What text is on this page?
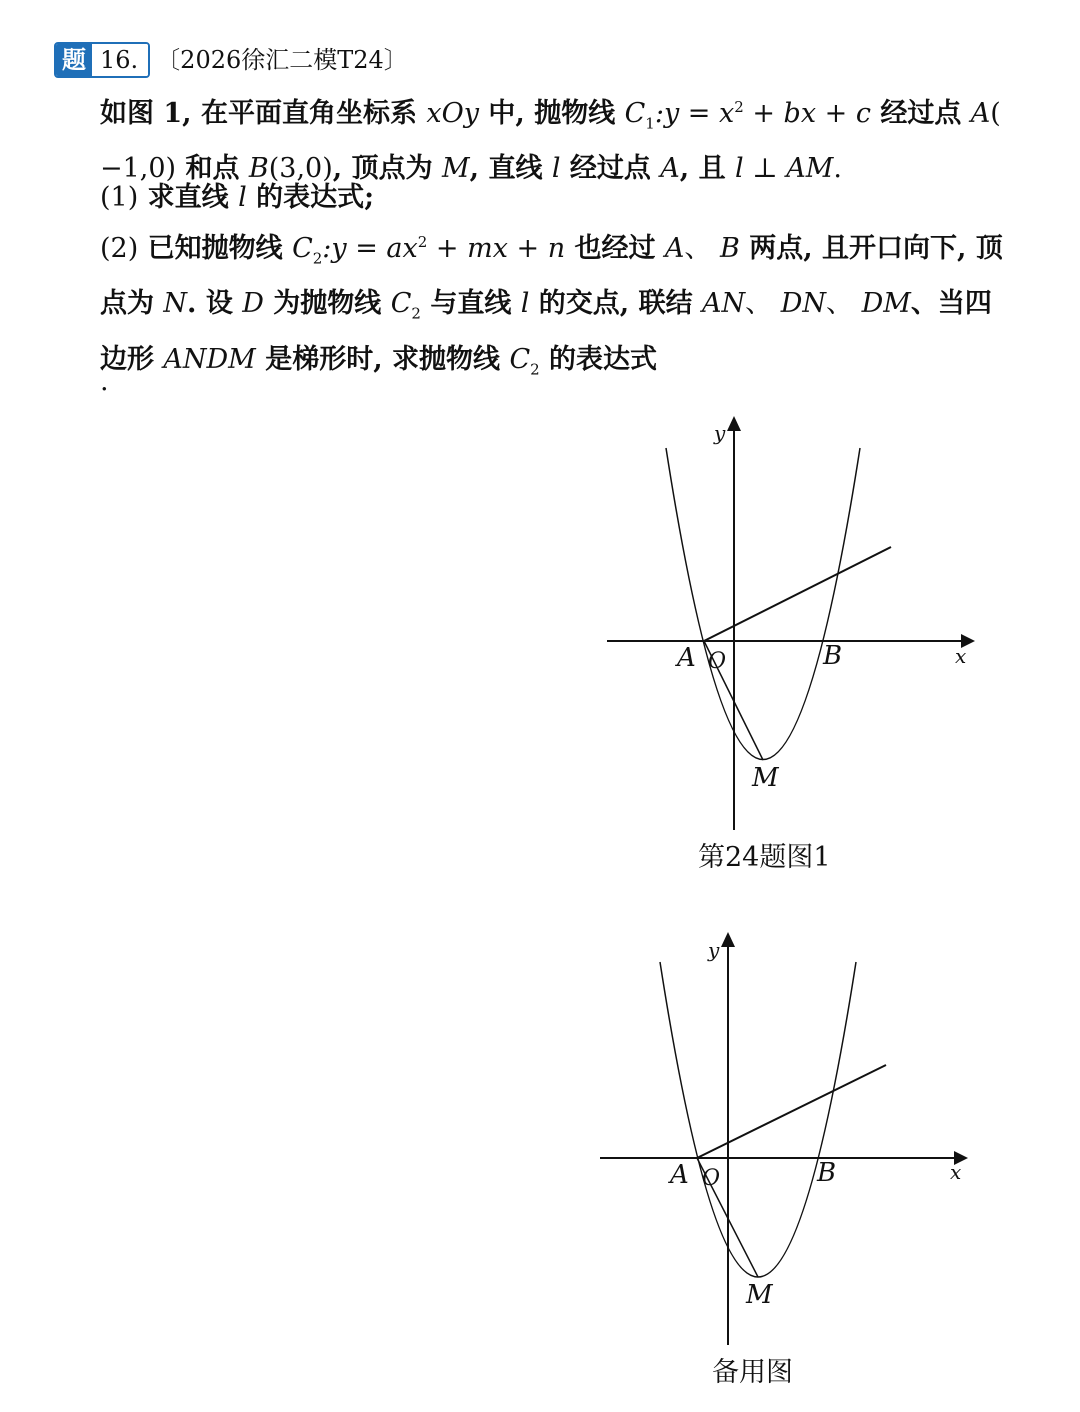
题 16. 〔2026徐汇二模T24〕
如图 1, 在平面直角坐标系 xOy 中, 抛物线 $C_1:y = x^2$ + bx + c 经过点 A(
−1,0) 和点 B(3,0), 顶点为 M, 直线 l 经过点 A, 且 l ⊥ AM.
(1) 求直线 l 的表达式;
(2) 已知抛物线 $C_2:y = ax^2$ + mx + n 也经过 A、 B 两点, 且开口向下, 顶
点为 N. 设 D 为抛物线 $C_2$ 与直线 l 的交点, 联结 AN、 DN、 DM、当四
边形 ANDM 是梯形时, 求抛物线 $C_2$ 的表达式
.
y
x
A O	B
M
第24题图1
y
x
A O	B
M
备用图
